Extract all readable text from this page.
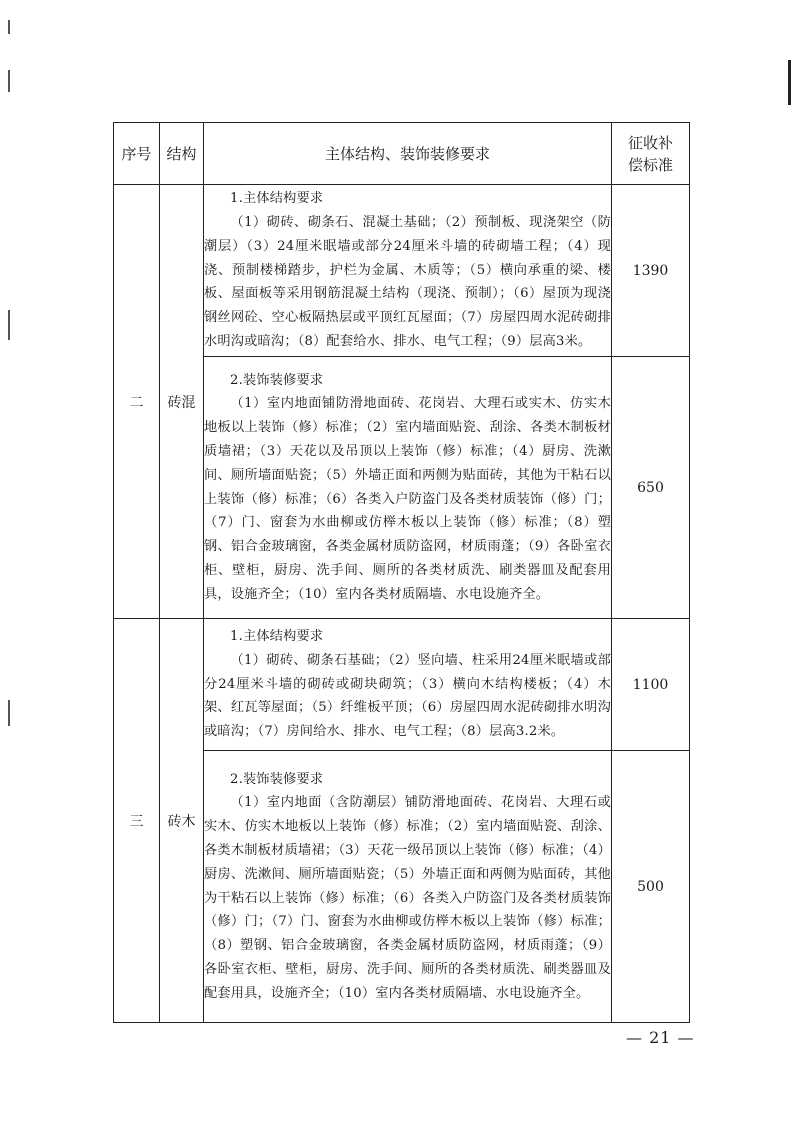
序号	结构	主体结构、装饰装修要求	征收补偿标准
二	砖混	1.主体结构要求
（1）砌砖、砌条石、混凝土基础；（2）预制板、现浇架空（防潮层）（3）24厘米眠墙或部分24厘米斗墙的砖砌墙工程；（4）现浇、预制楼梯踏步，护栏为金属、木质等；（5）横向承重的梁、楼板、屋面板等采用钢筋混凝土结构（现浇、预制）；（6）屋顶为现浇钢丝网砼、空心板隔热层或平顶红瓦屋面；（7）房屋四周水泥砖砌排水明沟或暗沟；（8）配套给水、排水、电气工程；（9）层高3米。	1390

		2.装饰装修要求
（1）室内地面铺防滑地面砖、花岗岩、大理石或实木、仿实木地板以上装饰（修）标准；（2）室内墙面贴瓷、刮涂、各类木制板材质墙裙；（3）天花以及吊顶以上装饰（修）标准；（4）厨房、洗漱间、厕所墙面贴瓷；（5）外墙正面和两侧为贴面砖，其他为干粘石以上装饰（修）标准；（6）各类入户防盗门及各类材质装饰（修）门；（7）门、窗套为水曲柳或仿榉木板以上装饰（修）标准；（8）塑钢、铝合金玻璃窗，各类金属材质防盗网，材质雨蓬；（9）各卧室衣柜、壁柜，厨房、洗手间、厕所的各类材质洗、刷类器皿及配套用具，设施齐全；（10）室内各类材质隔墙、水电设施齐全。	650
三	砖木	1.主体结构要求
（1）砌砖、砌条石基础；（2）竖向墙、柱采用24厘米眠墙或部分24厘米斗墙的砌砖或砌块砌筑；（3）横向木结构楼板；（4）木架、红瓦等屋面；（5）纤维板平顶；（6）房屋四周水泥砖砌排水明沟或暗沟；（7）房间给水、排水、电气工程；（8）层高3.2米。	1100

		2.装饰装修要求
（1）室内地面（含防潮层）铺防滑地面砖、花岗岩、大理石或实木、仿实木地板以上装饰（修）标准；（2）室内墙面贴瓷、刮涂、各类木制板材质墙裙；（3）天花一级吊顶以上装饰（修）标准；（4）厨房、洗漱间、厕所墙面贴瓷；（5）外墙正面和两侧为贴面砖，其他为干粘石以上装饰（修）标准；（6）各类入户防盗门及各类材质装饰（修）门；（7）门、窗套为水曲柳或仿榉木板以上装饰（修）标准；（8）塑钢、铝合金玻璃窗，各类金属材质防盗网，材质雨蓬；（9）各卧室衣柜、壁柜，厨房、洗手间、厕所的各类材质洗、刷类器皿及配套用具，设施齐全；（10）室内各类材质隔墙、水电设施齐全。	500
— 21 —
